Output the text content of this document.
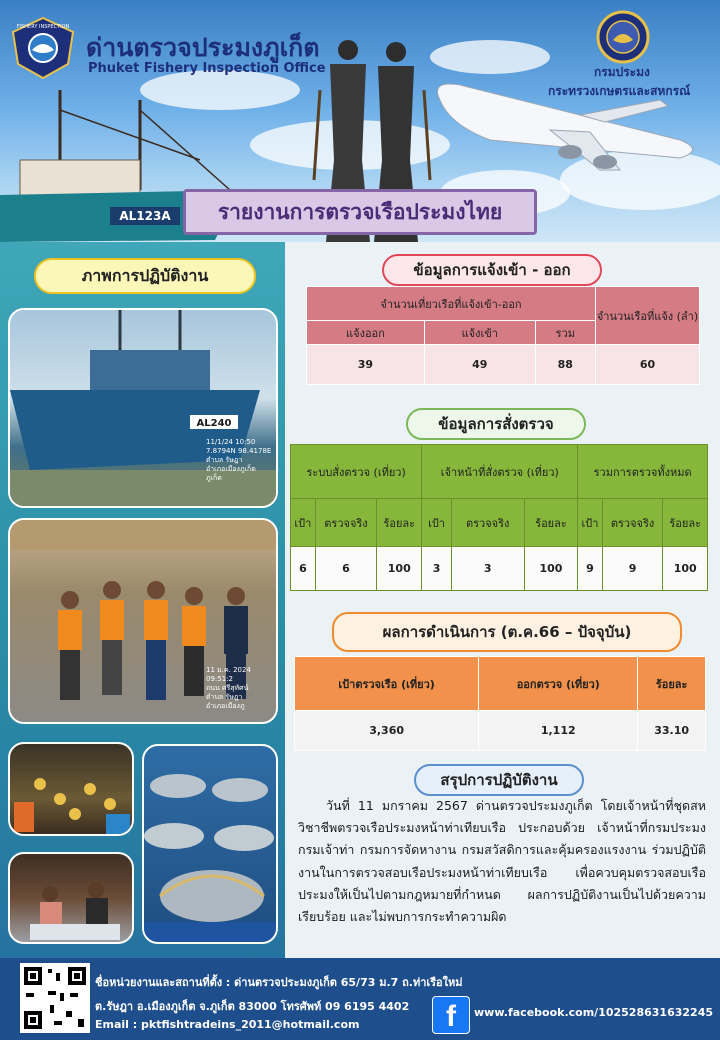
FISHERY INSPECTION
ด่านตรวจประมงภูเก็ต
Phuket Fishery Inspection Office	กรมประมง
กระทรวงเกษตรและสหกรณ์
AL123A	รายงานการตรวจเรือประมงไทย
ภาพการปฏิบัติงาน
AL240
11/1/24 10:50
7.8794N 98.4178E
ตำบล รัษฎา
อำเภอเมืองภูเก็ต
ภูเก็ต
11 ม.ค. 2024 09:51:2
ถนน ศรีสุทัศน์
ตำบล รัษฎา
อำเภอเมืองภู
ข้อมูลการแจ้งเข้า - ออก
จำนวนเที่ยวเรือที่แจ้งเข้า-ออก			จำนวนเรือที่แจ้ง (ลำ)
แจ้งออก	แจ้งเข้า	รวม	
39	49	88	60
ข้อมูลการสั่งตรวจ
ระบบสั่งตรวจ (เที่ยว)			เจ้าหน้าที่สั่งตรวจ (เที่ยว)			รวมการตรวจทั้งหมด		
เป้า	ตรวจจริง	ร้อยละ	เป้า	ตรวจจริง	ร้อยละ	เป้า	ตรวจจริง	ร้อยละ
6	6	100	3	3	100	9	9	100
ผลการดำเนินการ (ต.ค.66 – ปัจจุบัน)
เป้าตรวจเรือ (เที่ยว)	ออกตรวจ (เที่ยว)	ร้อยละ
3,360	1,112	33.10
สรุปการปฏิบัติงาน
วันที่ 11 มกราคม 2567 ด่านตรวจประมงภูเก็ต โดยเจ้าหน้าที่ชุดสหวิชาชีพตรวจเรือประมงหน้าท่าเทียบเรือ ประกอบด้วย เจ้าหน้าที่กรมประมง กรมเจ้าท่า กรมการจัดหางาน กรมสวัสดิการและคุ้มครองแรงงาน ร่วมปฏิบัติงานในการตรวจสอบเรือประมงหน้าท่าเทียบเรือ เพื่อควบคุมตรวจสอบเรือประมงให้เป็นไปตามกฎหมายที่กำหนด ผลการปฏิบัติงานเป็นไปด้วยความเรียบร้อย และไม่พบการกระทำความผิด
ชื่อหน่วยงานและสถานที่ตั้ง : ด่านตรวจประมงภูเก็ต 65/73 ม.7 ถ.ท่าเรือใหม่
ต.รัษฎา อ.เมืองภูเก็ต จ.ภูเก็ต 83000 โทรศัพท์ 09 6195 4402
Email : pktfishtradeins_2011@hotmail.com	f	www.facebook.com/102528631632245
